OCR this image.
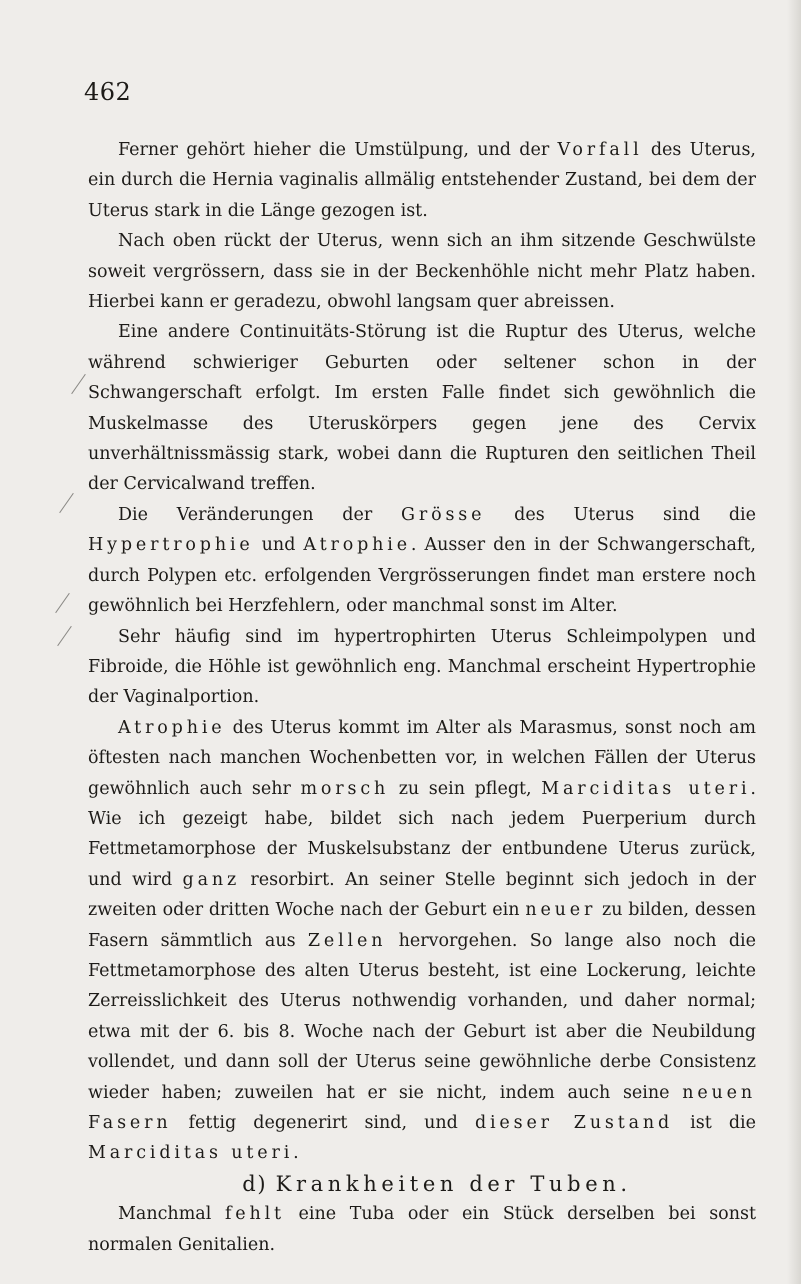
462

Ferner gehört hieher die Umstülpung, und der Vorfall des Uterus, ein durch die Hernia vaginalis allmälig entstehender Zustand, bei dem der Uterus stark in die Länge gezogen ist.

Nach oben rückt der Uterus, wenn sich an ihm sitzende Geschwülste soweit vergrössern, dass sie in der Beckenhöhle nicht mehr Platz haben. Hierbei kann er geradezu, obwohl langsam quer abreissen.

Eine andere Continuitäts-Störung ist die Ruptur des Uterus, welche während schwieriger Geburten oder seltener schon in der Schwangerschaft erfolgt. Im ersten Falle findet sich gewöhnlich die Muskelmasse des Uteruskörpers gegen jene des Cervix unverhältnissmässig stark, wobei dann die Rupturen den seitlichen Theil der Cervicalwand treffen.

Die Veränderungen der Grösse des Uterus sind die Hypertrophie und Atrophie. Ausser den in der Schwangerschaft, durch Polypen etc. erfolgenden Vergrösserungen findet man erstere noch gewöhnlich bei Herzfehlern, oder manchmal sonst im Alter.

Sehr häufig sind im hypertrophirten Uterus Schleimpolypen und Fibroide, die Höhle ist gewöhnlich eng. Manchmal erscheint Hypertrophie der Vaginalportion.

Atrophie des Uterus kommt im Alter als Marasmus, sonst noch am öftesten nach manchen Wochenbetten vor, in welchen Fällen der Uterus gewöhnlich auch sehr morsch zu sein pflegt, Marciditas uteri. Wie ich gezeigt habe, bildet sich nach jedem Puerperium durch Fettmetamorphose der Muskelsubstanz der entbundene Uterus zurück, und wird ganz resorbirt. An seiner Stelle beginnt sich jedoch in der zweiten oder dritten Woche nach der Geburt ein neuer zu bilden, dessen Fasern sämmtlich aus Zellen hervorgehen. So lange also noch die Fettmetamorphose des alten Uterus besteht, ist eine Lockerung, leichte Zerreisslichkeit des Uterus nothwendig vorhanden, und daher normal; etwa mit der 6. bis 8. Woche nach der Geburt ist aber die Neubildung vollendet, und dann soll der Uterus seine gewöhnliche derbe Consistenz wieder haben; zuweilen hat er sie nicht, indem auch seine neuen Fasern fettig degenerirt sind, und dieser Zustand ist die Marciditas uteri.

d) Krankheiten der Tuben.

Manchmal fehlt eine Tuba oder ein Stück derselben bei sonst normalen Genitalien.
